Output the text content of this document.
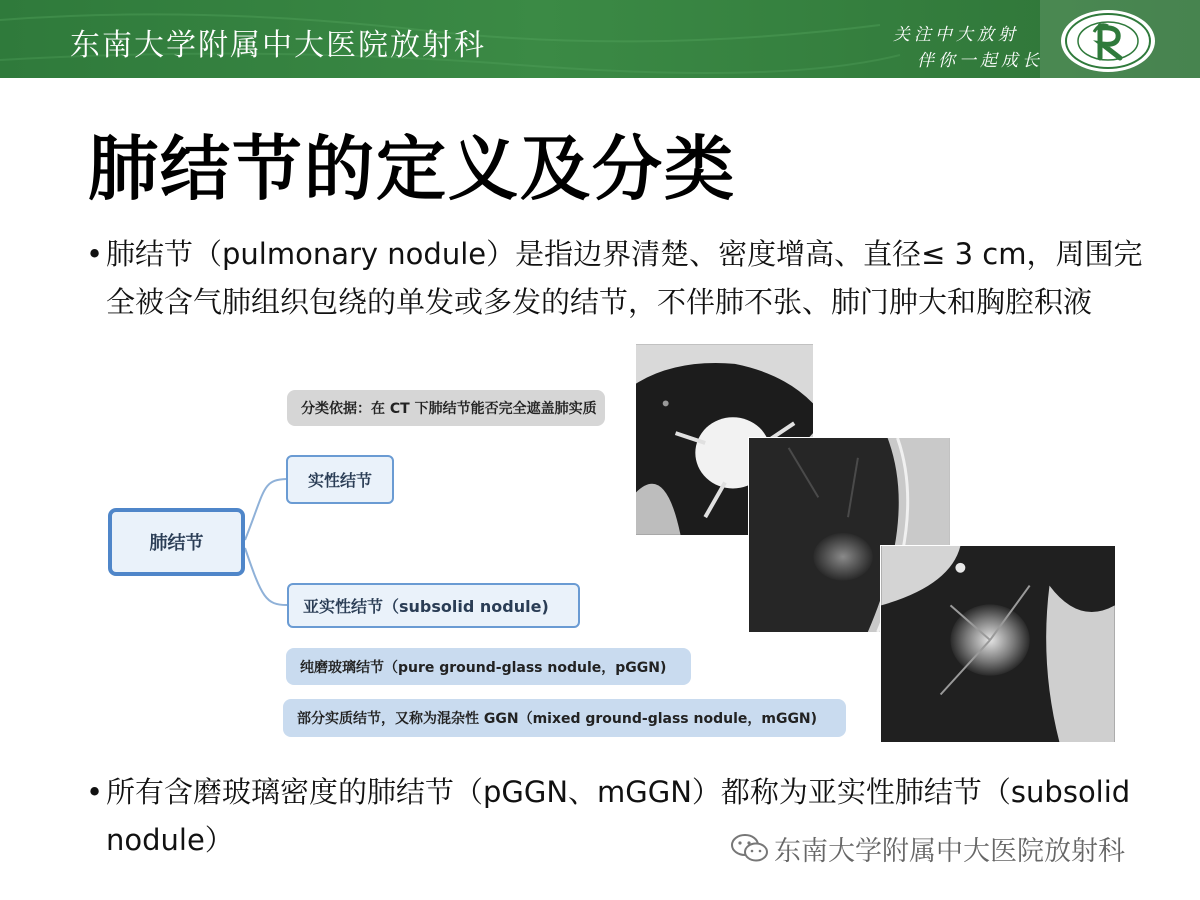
东南大学附属中大医院放射科	关注中大放射
伴你一起成长
肺结节的定义及分类
• 肺结节（pulmonary nodule）是指边界清楚、密度增高、直径≤ 3 cm，周围完全被含气肺组织包绕的单发或多发的结节，不伴肺不张、肺门肿大和胸腔积液
分类依据：在 CT 下肺结节能否完全遮盖肺实质
肺结节
实性结节
亚实性结节（subsolid nodule)
纯磨玻璃结节（pure ground-glass nodule，pGGN)
部分实质结节，又称为混杂性 GGN（mixed ground-glass nodule，mGGN)
• 所有含磨玻璃密度的肺结节（pGGN、mGGN）都称为亚实性肺结节（subsolid nodule）	东南大学附属中大医院放射科
